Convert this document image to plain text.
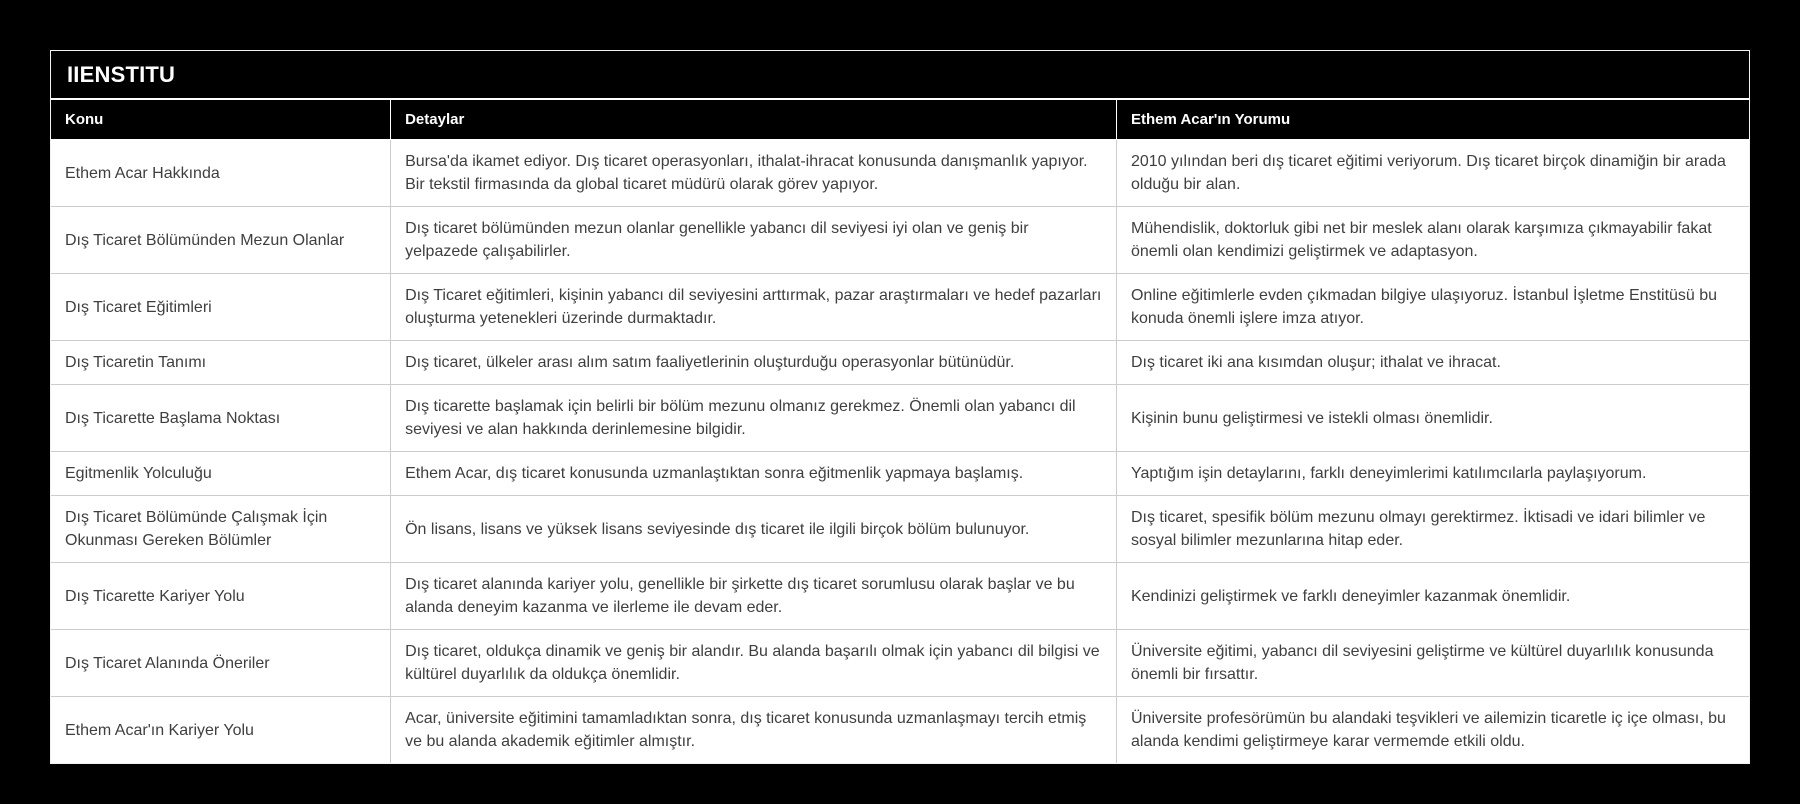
IIENSTITU
Konu	Detaylar	Ethem Acar'ın Yorumu
Ethem Acar Hakkında	Bursa'da ikamet ediyor. Dış ticaret operasyonları, ithalat-ihracat konusunda danışmanlık yapıyor. Bir tekstil firmasında da global ticaret müdürü olarak görev yapıyor.	2010 yılından beri dış ticaret eğitimi veriyorum. Dış ticaret birçok dinamiğin bir arada olduğu bir alan.
Dış Ticaret Bölümünden Mezun Olanlar	Dış ticaret bölümünden mezun olanlar genellikle yabancı dil seviyesi iyi olan ve geniş bir yelpazede çalışabilirler.	Mühendislik, doktorluk gibi net bir meslek alanı olarak karşımıza çıkmayabilir fakat önemli olan kendimizi geliştirmek ve adaptasyon.
Dış Ticaret Eğitimleri	Dış Ticaret eğitimleri, kişinin yabancı dil seviyesini arttırmak, pazar araştırmaları ve hedef pazarları oluşturma yetenekleri üzerinde durmaktadır.	Online eğitimlerle evden çıkmadan bilgiye ulaşıyoruz. İstanbul İşletme Enstitüsü bu konuda önemli işlere imza atıyor.
Dış Ticaretin Tanımı	Dış ticaret, ülkeler arası alım satım faaliyetlerinin oluşturduğu operasyonlar bütünüdür.	Dış ticaret iki ana kısımdan oluşur; ithalat ve ihracat.
Dış Ticarette Başlama Noktası	Dış ticarette başlamak için belirli bir bölüm mezunu olmanız gerekmez. Önemli olan yabancı dil seviyesi ve alan hakkında derinlemesine bilgidir.	Kişinin bunu geliştirmesi ve istekli olması önemlidir.
Egitmenlik Yolculuğu	Ethem Acar, dış ticaret konusunda uzmanlaştıktan sonra eğitmenlik yapmaya başlamış.	Yaptığım işin detaylarını, farklı deneyimlerimi katılımcılarla paylaşıyorum.
Dış Ticaret Bölümünde Çalışmak İçin Okunması Gereken Bölümler	Ön lisans, lisans ve yüksek lisans seviyesinde dış ticaret ile ilgili birçok bölüm bulunuyor.	Dış ticaret, spesifik bölüm mezunu olmayı gerektirmez. İktisadi ve idari bilimler ve sosyal bilimler mezunlarına hitap eder.
Dış Ticarette Kariyer Yolu	Dış ticaret alanında kariyer yolu, genellikle bir şirkette dış ticaret sorumlusu olarak başlar ve bu alanda deneyim kazanma ve ilerleme ile devam eder.	Kendinizi geliştirmek ve farklı deneyimler kazanmak önemlidir.
Dış Ticaret Alanında Öneriler	Dış ticaret, oldukça dinamik ve geniş bir alandır. Bu alanda başarılı olmak için yabancı dil bilgisi ve kültürel duyarlılık da oldukça önemlidir.	Üniversite eğitimi, yabancı dil seviyesini geliştirme ve kültürel duyarlılık konusunda önemli bir fırsattır.
Ethem Acar'ın Kariyer Yolu	Acar, üniversite eğitimini tamamladıktan sonra, dış ticaret konusunda uzmanlaşmayı tercih etmiş ve bu alanda akademik eğitimler almıştır.	Üniversite profesörümün bu alandaki teşvikleri ve ailemizin ticaretle iç içe olması, bu alanda kendimi geliştirmeye karar vermemde etkili oldu.
